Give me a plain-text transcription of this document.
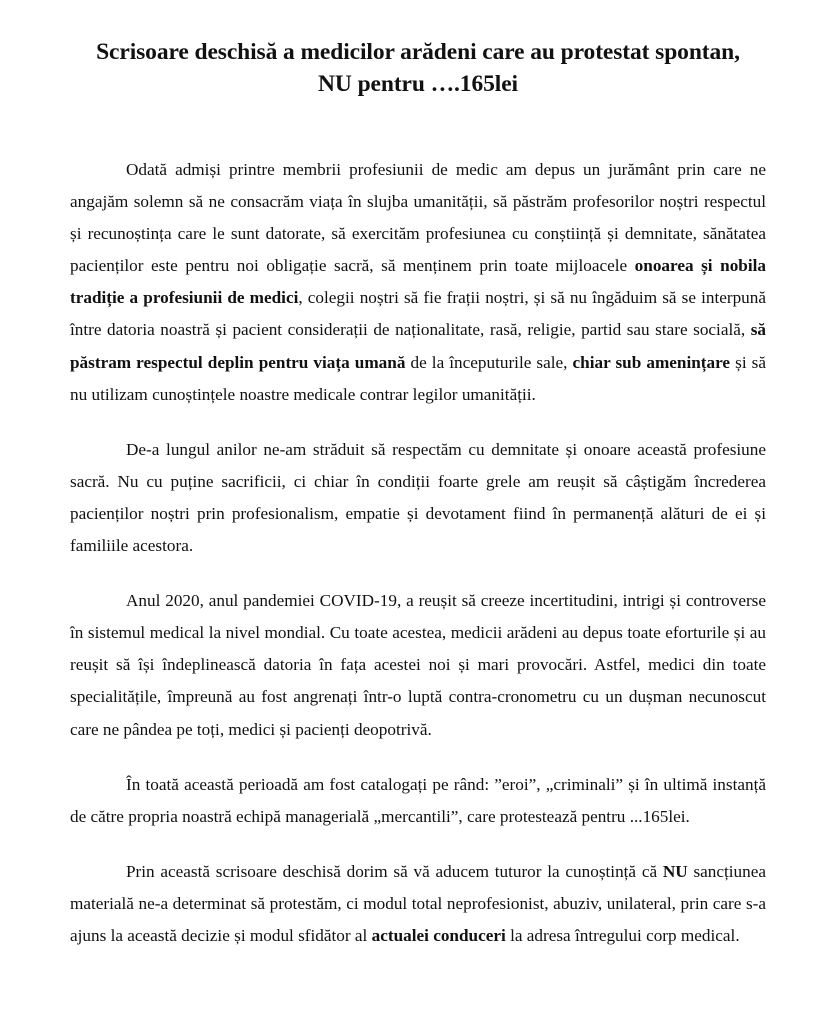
Scrisoare deschisă a medicilor arădeni care au protestat spontan,
NU pentru ….165lei

Odată admiși printre membrii profesiunii de medic am depus un jurământ prin care ne angajăm solemn să ne consacrăm viața în slujba umanității, să păstrăm profesorilor noștri respectul și recunoștința care le sunt datorate, să exercităm profesiunea cu conștiință și demnitate, sănătatea pacienților este pentru noi obligație sacră, să menținem prin toate mijloacele onoarea și nobila tradiție a profesiunii de medici, colegii noștri să fie frații noștri, și să nu îngăduim să se interpună între datoria noastră și pacient considerații de naționalitate, rasă, religie, partid sau stare socială, să păstram respectul deplin pentru viața umană de la începuturile sale, chiar sub amenințare și să nu utilizam cunoștințele noastre medicale contrar legilor umanității.

De-a lungul anilor ne-am străduit să respectăm cu demnitate și onoare această profesiune sacră. Nu cu puține sacrificii, ci chiar în condiții foarte grele am reușit să câștigăm încrederea pacienților noștri prin profesionalism, empatie și devotament fiind în permanență alături de ei și familiile acestora.

Anul 2020, anul pandemiei COVID-19, a reușit să creeze incertitudini, intrigi și controverse în sistemul medical la nivel mondial. Cu toate acestea, medicii arădeni au depus toate eforturile și au reușit să își îndeplinească datoria în fața acestei noi și mari provocări. Astfel, medici din toate specialitățile, împreună au fost angrenați într-o luptă contra-cronometru cu un dușman necunoscut care ne pândea pe toți, medici și pacienți deopotrivă.

În toată această perioadă am fost catalogați pe rând: ”eroi”, „criminali” și în ultimă instanță de către propria noastră echipă managerială „mercantili”, care protestează pentru ...165lei.

Prin această scrisoare deschisă dorim să vă aducem tuturor la cunoștință că NU sancțiunea materială ne-a determinat să protestăm, ci modul total neprofesionist, abuziv, unilateral, prin care s-a ajuns la această decizie și modul sfidător al actualei conduceri la adresa întregului corp medical.
